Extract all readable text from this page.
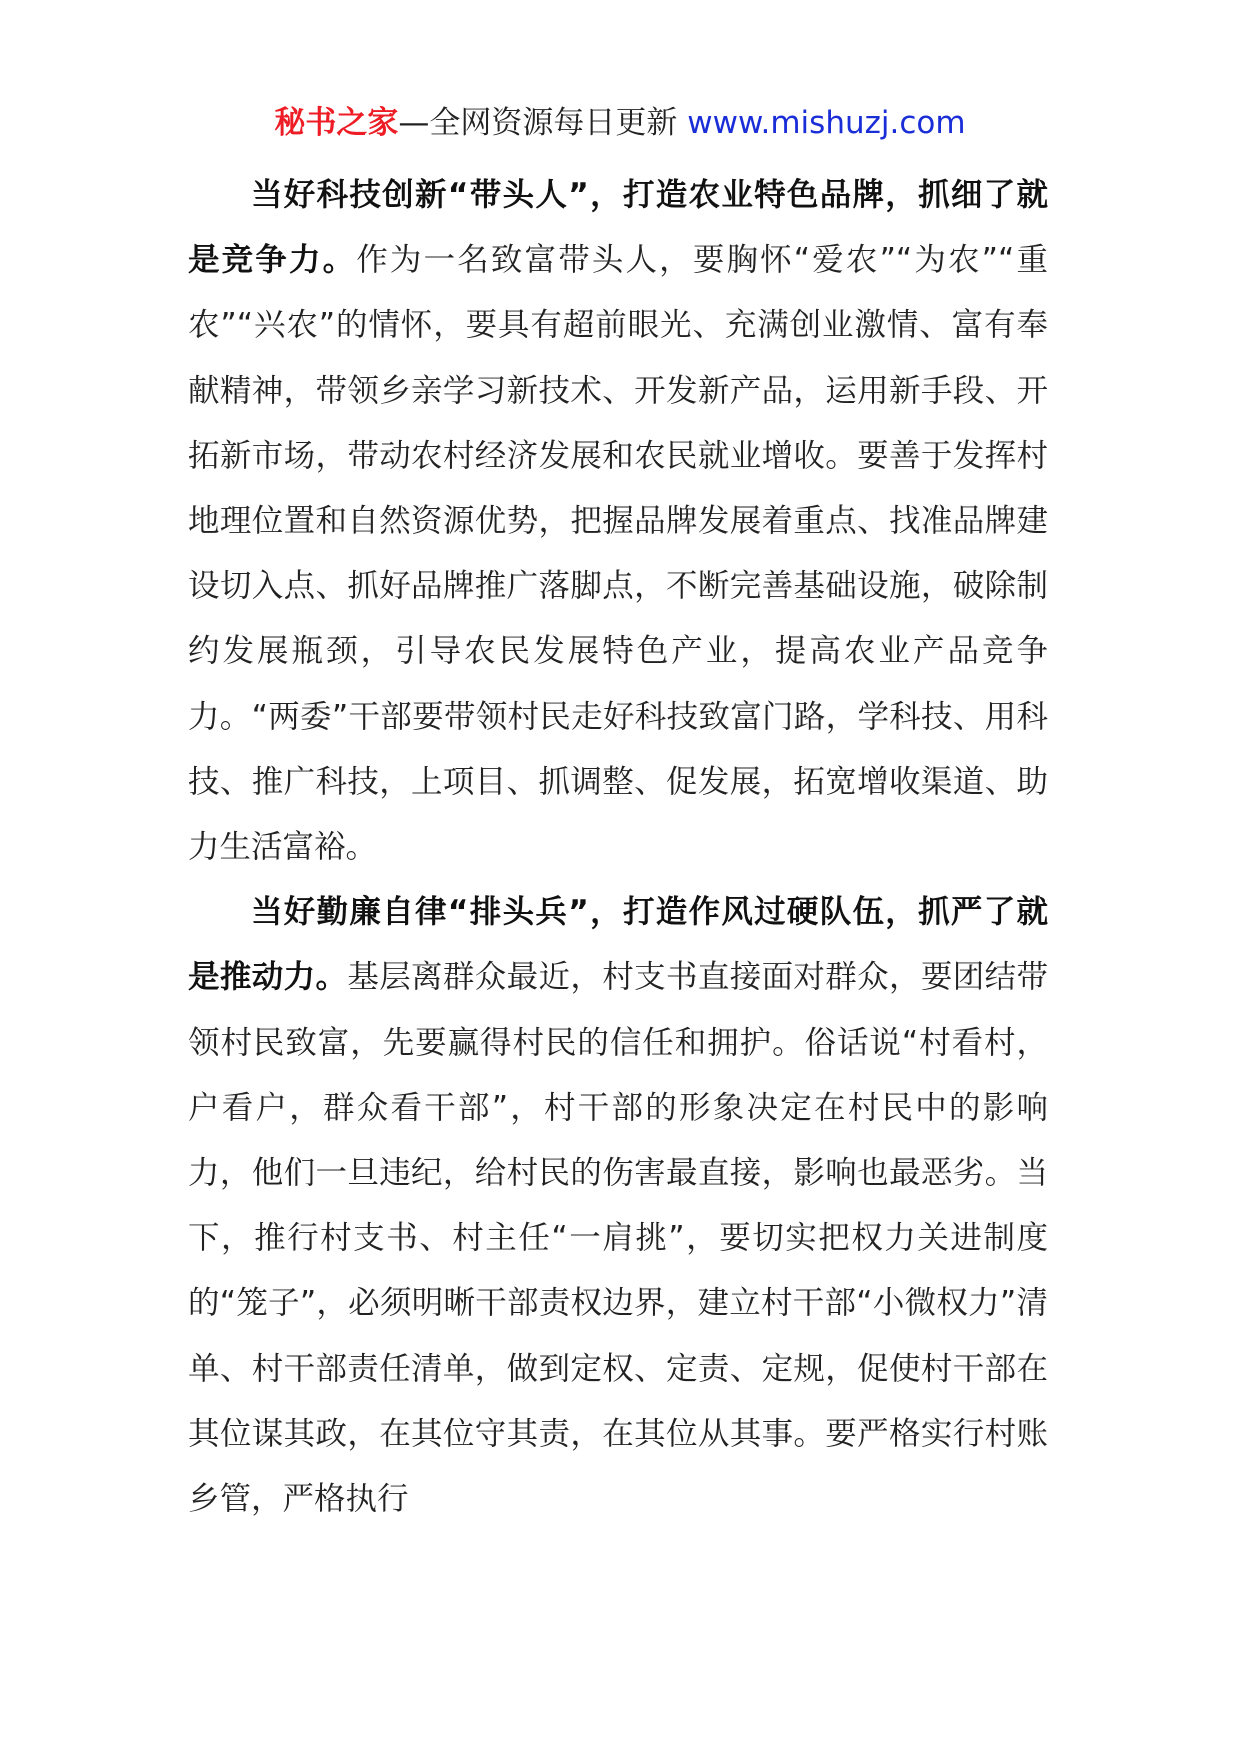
秘书之家—全网资源每日更新 www.mishuzj.com

当好科技创新“带头人”，打造农业特色品牌，抓细了就是竞争力。作为一名致富带头人，要胸怀“爱农”“为农”“重农”“兴农”的情怀，要具有超前眼光、充满创业激情、富有奉献精神，带领乡亲学习新技术、开发新产品，运用新手段、开拓新市场，带动农村经济发展和农民就业增收。要善于发挥村地理位置和自然资源优势，把握品牌发展着重点、找准品牌建设切入点、抓好品牌推广落脚点，不断完善基础设施，破除制约发展瓶颈，引导农民发展特色产业，提高农业产品竞争力。“两委”干部要带领村民走好科技致富门路，学科技、用科技、推广科技，上项目、抓调整、促发展，拓宽增收渠道、助力生活富裕。

当好勤廉自律“排头兵”，打造作风过硬队伍，抓严了就是推动力。基层离群众最近，村支书直接面对群众，要团结带领村民致富，先要赢得村民的信任和拥护。俗话说“村看村，户看户，群众看干部”，村干部的形象决定在村民中的影响力，他们一旦违纪，给村民的伤害最直接，影响也最恶劣。当下，推行村支书、村主任“一肩挑”，要切实把权力关进制度的“笼子”，必须明晰干部责权边界，建立村干部“小微权力”清单、村干部责任清单，做到定权、定责、定规，促使村干部在其位谋其政，在其位守其责，在其位从其事。要严格实行村账乡管，严格执行
